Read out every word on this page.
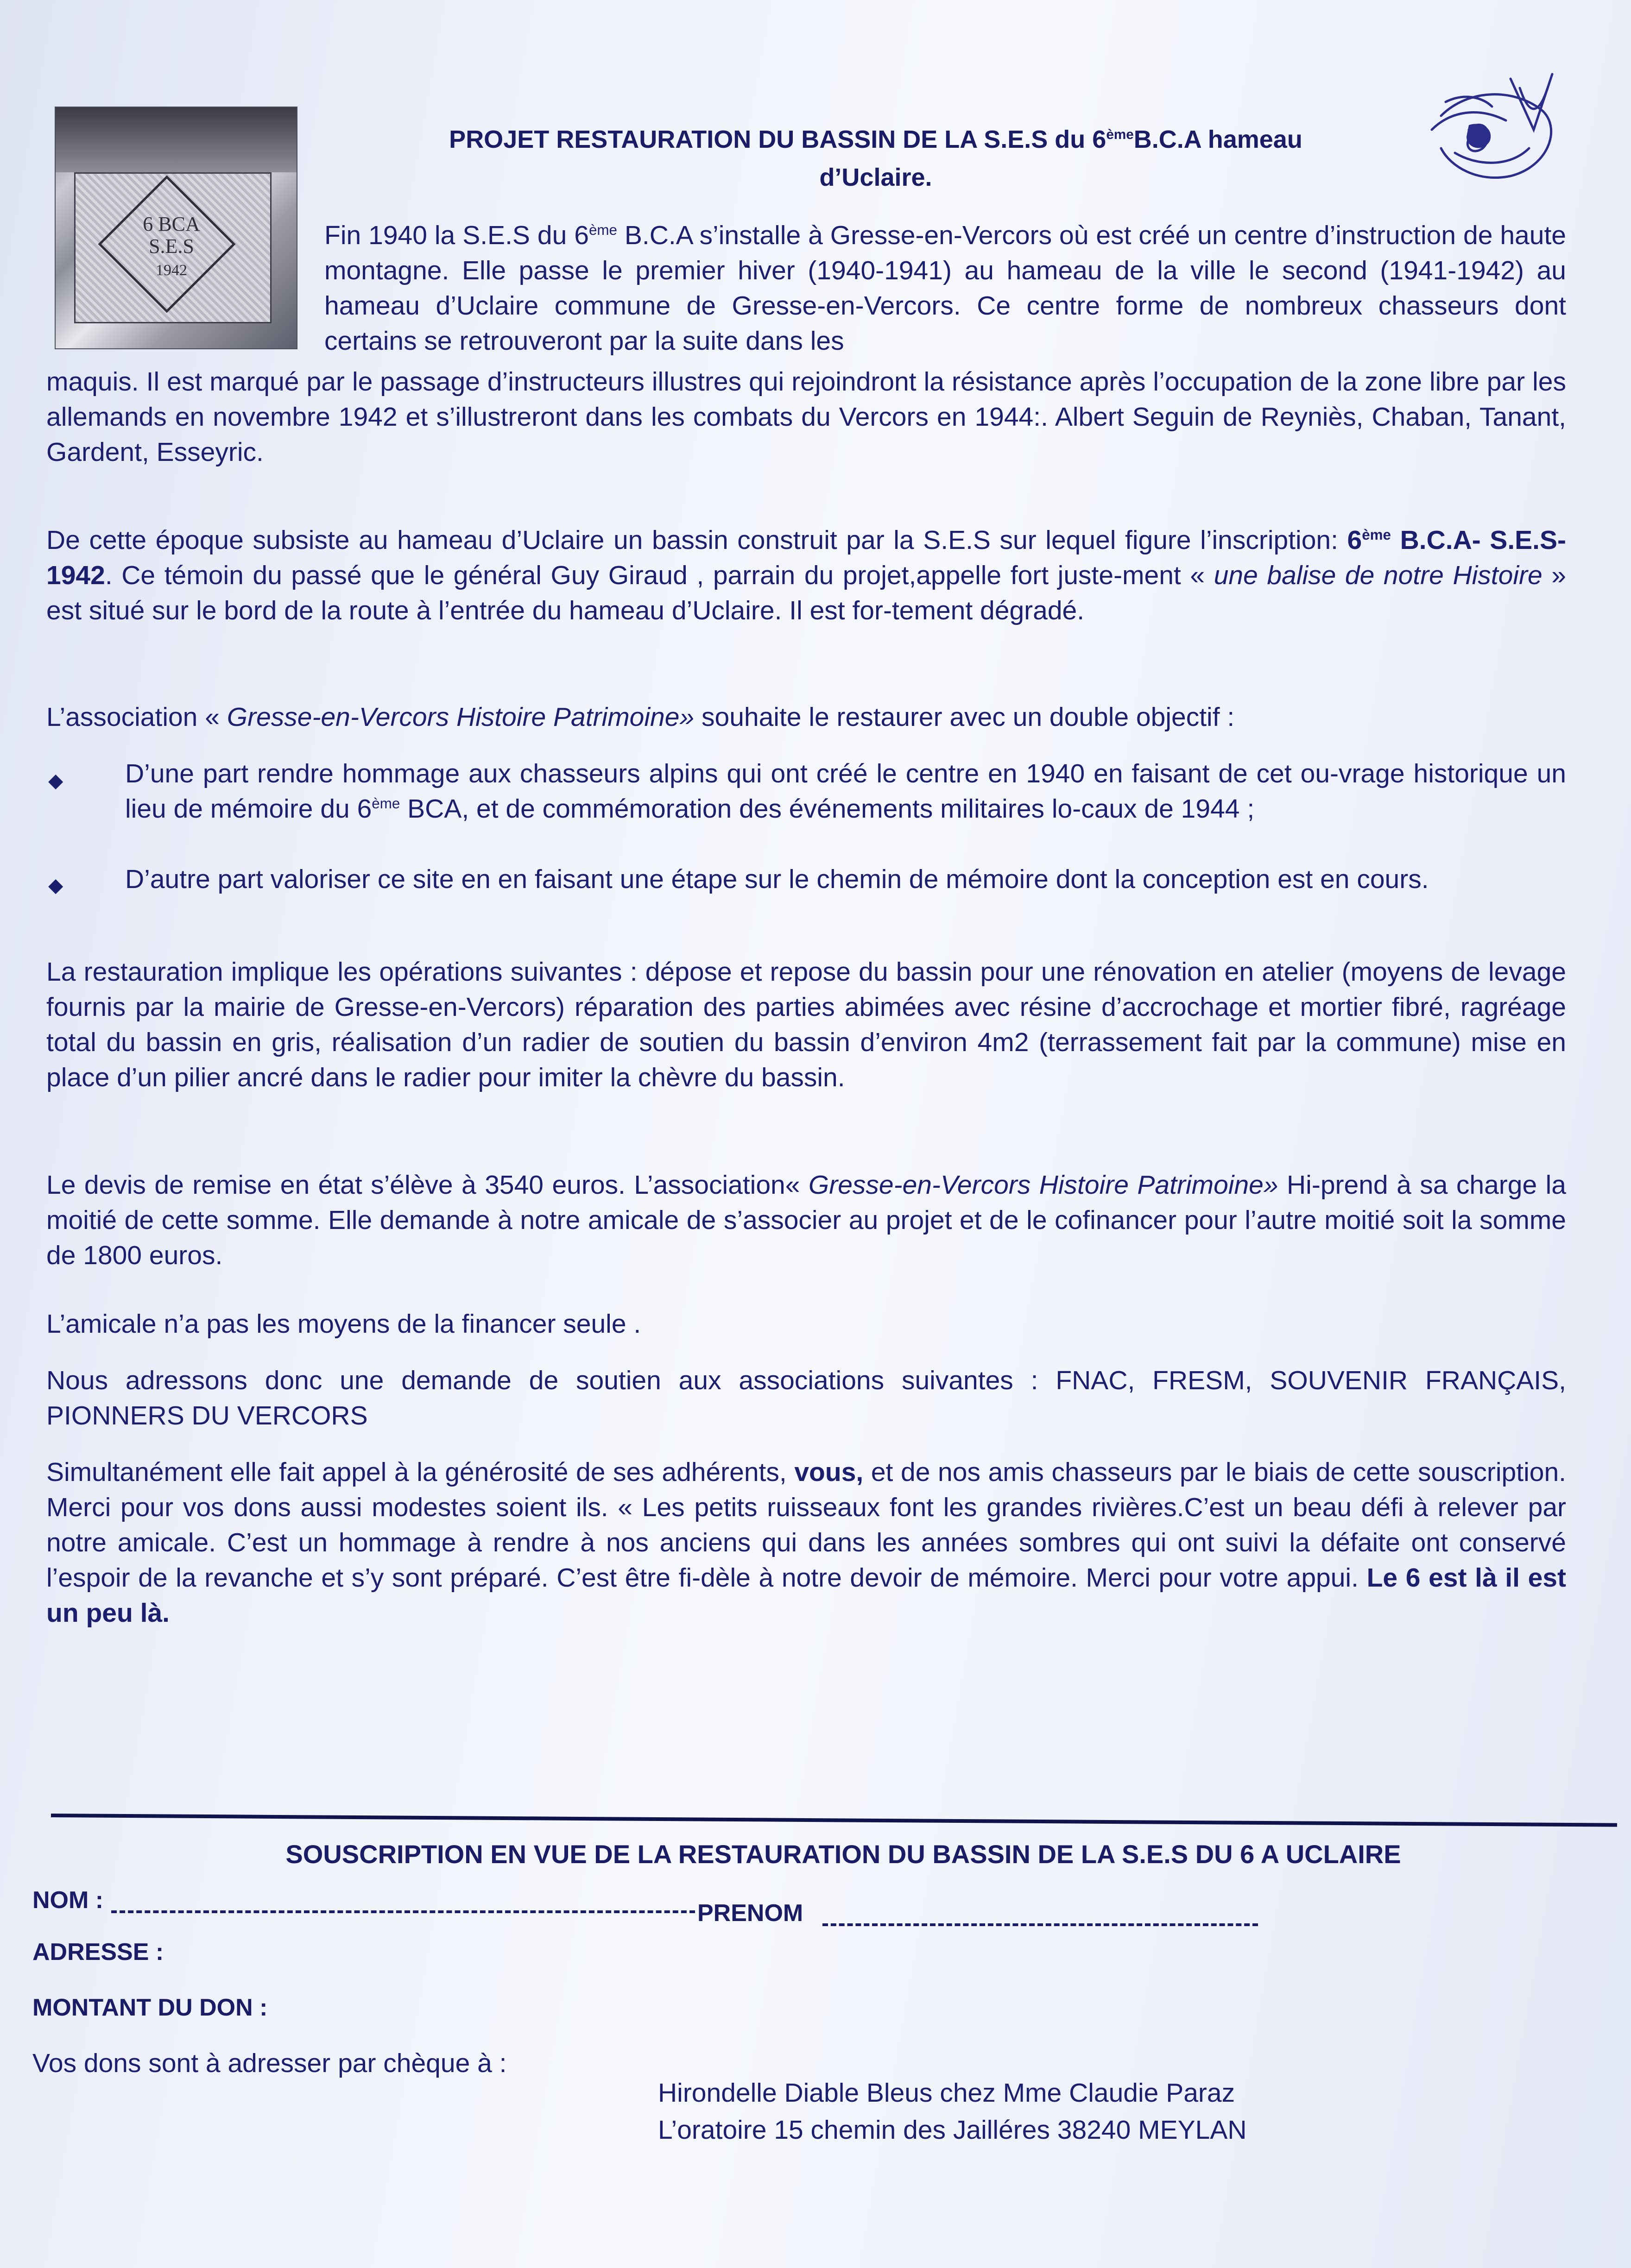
6 BCA
S.E.S
1942
PROJET RESTAURATION DU BASSIN DE LA S.E.S du 6èmeB.C.A hameau
d’Uclaire.

Fin 1940 la S.E.S du 6ème B.C.A s’installe à Gresse-en-Vercors où est créé un centre d’instruction de haute montagne. Elle passe le premier hiver (1940-1941) au hameau de la ville le second (1941-1942) au hameau d’Uclaire commune de Gresse-en-Vercors. Ce centre forme de nombreux chasseurs dont certains se retrouveront par la suite dans les

maquis. Il est marqué par le passage d’instructeurs illustres qui rejoindront la résistance après l’occupation de la zone libre par les allemands en novembre 1942 et s’illustreront dans les combats du Vercors en 1944:. Albert Seguin de Reyniès, Chaban, Tanant, Gardent, Esseyric.

De cette époque subsiste au hameau d’Uclaire un bassin construit par la S.E.S sur lequel figure l’inscription: 6ème B.C.A- S.E.S-1942. Ce témoin du passé que le général Guy Giraud , parrain du projet,appelle fort juste-ment « une balise de notre Histoire » est situé sur le bord de la route à l’entrée du hameau d’Uclaire. Il est for-tement dégradé.

L’association « Gresse-en-Vercors Histoire Patrimoine» souhaite le restaurer avec un double objectif :

◆ D’une part rendre hommage aux chasseurs alpins qui ont créé le centre en 1940 en faisant de cet ou-vrage historique un lieu de mémoire du 6ème BCA, et de commémoration des événements militaires lo-caux de 1944 ;

◆ D’autre part valoriser ce site en en faisant une étape sur le chemin de mémoire dont la conception est en cours.

La restauration implique les opérations suivantes : dépose et repose du bassin pour une rénovation en atelier (moyens de levage fournis par la mairie de Gresse-en-Vercors) réparation des parties abimées avec résine d’accrochage et mortier fibré, ragréage total du bassin en gris, réalisation d’un radier de soutien du bassin d’environ 4m2 (terrassement fait par la commune) mise en place d’un pilier ancré dans le radier pour imiter la chèvre du bassin.

Le devis de remise en état s’élève à 3540 euros. L’association« Gresse-en-Vercors Histoire Patrimoine» Hi-prend à sa charge la moitié de cette somme. Elle demande à notre amicale de s’associer au projet et de le cofinancer pour l’autre moitié soit la somme de 1800 euros.

L’amicale n’a pas les moyens de la financer seule .

Nous adressons donc une demande de soutien aux associations suivantes : FNAC, FRESM, SOUVENIR FRANÇAIS, PIONNERS DU VERCORS

Simultanément elle fait appel à la générosité de ses adhérents, vous, et de nos amis chasseurs par le biais de cette souscription. Merci pour vos dons aussi modestes soient ils. « Les petits ruisseaux font les grandes rivières.C’est un beau défi à relever par notre amicale. C’est un hommage à rendre à nos anciens qui dans les années sombres qui ont suivi la défaite ont conservé l’espoir de la revanche et s’y sont préparé. C’est être fi-dèle à notre devoir de mémoire. Merci pour votre appui. Le 6 est là il est un peu là.

SOUSCRIPTION EN VUE DE LA RESTAURATION DU BASSIN DE LA S.E.S DU 6 A UCLAIRE
NOM :	PRENOM
ADRESSE :
MONTANT DU DON :
Vos dons sont à adresser par chèque à :
Hirondelle Diable Bleus chez Mme Claudie Paraz
L’oratoire 15 chemin des Jailléres 38240 MEYLAN
